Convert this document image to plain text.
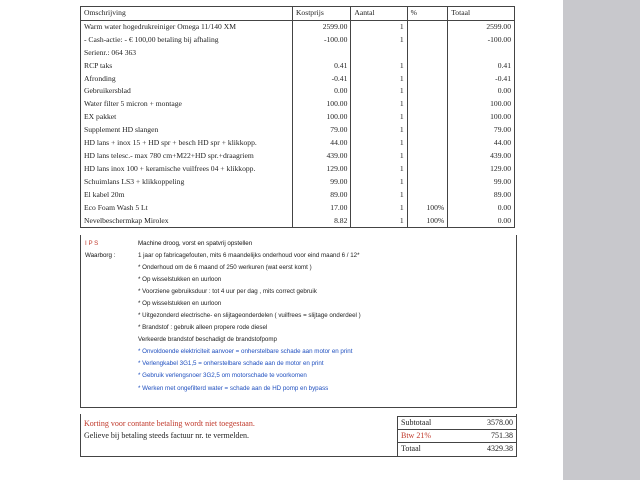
Omschrijving	Kostprijs	Aantal	%	Totaal
Warm water hogedrukreiniger Omega 11/140 XM	2599.00	1		2599.00
- Cash-actie: - € 100,00 betaling bij afhaling	-100.00	1		-100.00
Serienr.: 064 363				
RCP taks	0.41	1		0.41
Afronding	-0.41	1		-0.41
Gebruikersblad	0.00	1		0.00
Water filter 5 micron + montage	100.00	1		100.00
EX pakket	100.00	1		100.00
Supplement HD slangen	79.00	1		79.00
HD lans + inox 15 + HD spr + besch HD spr + klikkopp.	44.00	1		44.00
HD lans telesc.- max 780 cm+M22+HD spr.+draagriem	439.00	1		439.00
HD lans inox 100 + keramische vuilfrees 04 + klikkopp.	129.00	1		129.00
Schuimlans LS3 + klikkoppeling	99.00	1		99.00
El kabel 20m	89.00	1		89.00
Eco Foam Wash 5 Lt	17.00	1	100%	0.00
Nevelbeschermkap Mirolex	8.82	1	100%	0.00
I P S	Machine droog, vorst en spatvrij opstellen
Waarborg :	1 jaar op fabricagefouten, mits 6 maandelijks onderhoud voor eind maand 6 / 12*
* Onderhoud om de 6 maand of 250 werkuren (wat eerst komt )
* Op wisselstukken en uurloon
* Voorziene gebruiksduur : tot 4 uur per dag , mits correct gebruik
* Op wisselstukken en uurloon
* Uitgezonderd electrische- en slijtageonderdelen ( vuilfrees = slijtage onderdeel )
* Brandstof : gebruik alleen propere rode diesel
Verkeerde brandstof beschadigt de brandstofpomp
* Onvoldoende elektriciteit aanvoer = onherstelbare schade aan motor en print
* Verlengkabel 3G1,5 = onherstelbare schade aan de motor en print
* Gebruik verlengsnoer 3G2,5 om motorschade te voorkomen
* Werken met ongefilterd water = schade aan de HD pomp en bypass
Korting voor contante betaling wordt niet toegestaan.
Gelieve bij betaling steeds factuur nr. te vermelden.
Subtotaal	3578.00
Btw 21%	751.38
Totaal	4329.38
